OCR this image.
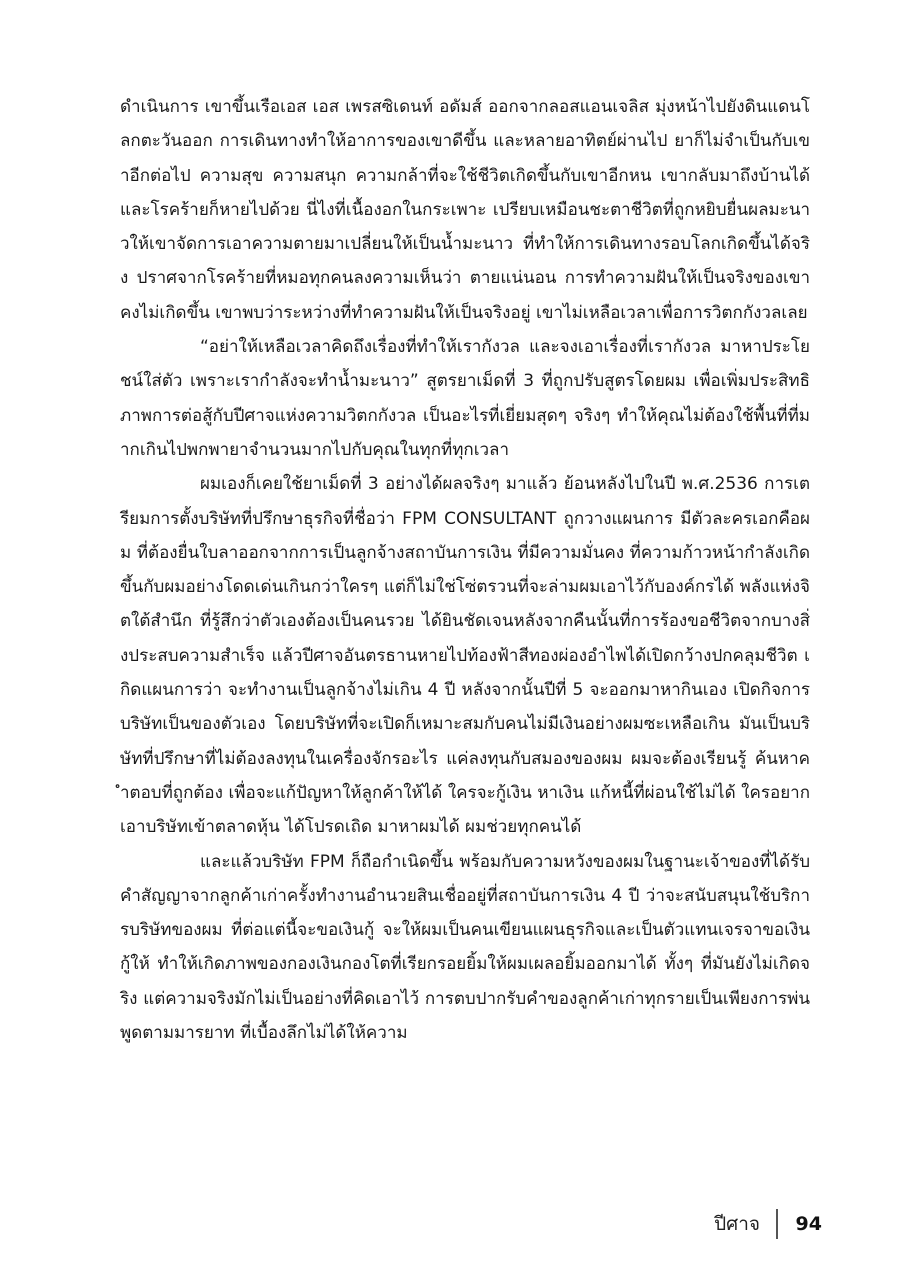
ดำเนินการ เขาขึ้นเรือเอส เอส เพรสซิเดนท์ อดัมส์ ออกจากลอสแอนเจลิส มุ่งหน้าไปยังดินแดนโลกตะวันออก การเดินทางทำให้อาการของเขาดีขึ้น และหลายอาทิตย์ผ่านไป ยาก็ไม่จำเป็นกับเขาอีกต่อไป ความสุข ความสนุก ความกล้าที่จะใช้ชีวิตเกิดขึ้นกับเขาอีกหน เขากลับมาถึงบ้านได้ และโรคร้ายก็หายไปด้วย นี่ไงที่เนื้องอกในกระเพาะ เปรียบเหมือนชะตาชีวิตที่ถูกหยิบยื่นผลมะนาวให้เขาจัดการเอาความตายมาเปลี่ยนให้เป็นน้ำมะนาว ที่ทำให้การเดินทางรอบโลกเกิดขึ้นได้จริง ปราศจากโรคร้ายที่หมอทุกคนลงความเห็นว่า ตายแน่นอน การทำความฝันให้เป็นจริงของเขาคงไม่เกิดขึ้น เขาพบว่าระหว่างที่ทำความฝันให้เป็นจริงอยู่ เขาไม่เหลือเวลาเพื่อการวิตกกังวลเลย

“อย่าให้เหลือเวลาคิดถึงเรื่องที่ทำให้เรากังวล และจงเอาเรื่องที่เรากังวล มาหาประโยชน์ใส่ตัว เพราะเรากำลังจะทำน้ำมะนาว” สูตรยาเม็ดที่ 3 ที่ถูกปรับสูตรโดยผม เพื่อเพิ่มประสิทธิภาพการต่อสู้กับปีศาจแห่งความวิตกกังวล เป็นอะไรที่เยี่ยมสุดๆ จริงๆ ทำให้คุณไม่ต้องใช้พื้นที่ที่มากเกินไปพกพายาจำนวนมากไปกับคุณในทุกที่ทุกเวลา

ผมเองก็เคยใช้ยาเม็ดที่ 3 อย่างได้ผลจริงๆ มาแล้ว ย้อนหลังไปในปี พ.ศ.2536 การเตรียมการตั้งบริษัทที่ปรึกษาธุรกิจที่ชื่อว่า FPM CONSULTANT ถูกวางแผนการ มีตัวละครเอกคือผม ที่ต้องยื่นใบลาออกจากการเป็นลูกจ้างสถาบันการเงิน ที่มีความมั่นคง ที่ความก้าวหน้ากำลังเกิดขึ้นกับผมอย่างโดดเด่นเกินกว่าใครๆ แต่ก็ไม่ใช่โซ่ตรวนที่จะล่ามผมเอาไว้กับองค์กรได้ พลังแห่งจิตใต้สำนึก ที่รู้สึกว่าตัวเองต้องเป็นคนรวย ได้ยินชัดเจนหลังจากคืนนั้นที่การร้องขอชีวิตจากบางสิ่งประสบความสำเร็จ แล้วปีศาจอันตรธานหายไปท้องฟ้าสีทองผ่องอำไพได้เปิดกว้างปกคลุมชีวิต เกิดแผนการว่า จะทำงานเป็นลูกจ้างไม่เกิน 4 ปี หลังจากนั้นปีที่ 5 จะออกมาหากินเอง เปิดกิจการบริษัทเป็นของตัวเอง โดยบริษัทที่จะเปิดก็เหมาะสมกับคนไม่มีเงินอย่างผมซะเหลือเกิน มันเป็นบริษัทที่ปรึกษาที่ไม่ต้องลงทุนในเครื่องจักรอะไร แค่ลงทุนกับสมองของผม ผมจะต้องเรียนรู้ ค้นหาคำตอบที่ถูกต้อง เพื่อจะแก้ปัญหาให้ลูกค้าให้ได้ ใครจะกู้เงิน หาเงิน แก้หนี้ที่ผ่อนใช้ไม่ได้ ใครอยากเอาบริษัทเข้าตลาดหุ้น ได้โปรดเถิด มาหาผมได้ ผมช่วยทุกคนได้

และแล้วบริษัท FPM ก็ถือกำเนิดขึ้น พร้อมกับความหวังของผมในฐานะเจ้าของที่ได้รับคำสัญญาจากลูกค้าเก่าครั้งทำงานอำนวยสินเชื่ออยู่ที่สถาบันการเงิน 4 ปี ว่าจะสนับสนุนใช้บริการบริษัทของผม ที่ต่อแต่นี้จะขอเงินกู้ จะให้ผมเป็นคนเขียนแผนธุรกิจและเป็นตัวแทนเจรจาขอเงินกู้ให้ ทำให้เกิดภาพของกองเงินกองโตที่เรียกรอยยิ้มให้ผมเผลอยิ้มออกมาได้ ทั้งๆ ที่มันยังไม่เกิดจริง แต่ความจริงมักไม่เป็นอย่างที่คิดเอาไว้ การตบปากรับคำของลูกค้าเก่าทุกรายเป็นเพียงการพ่นพูดตามมารยาท ที่เบื้องลึกไม่ได้ให้ความ

ปีศาจ 94
